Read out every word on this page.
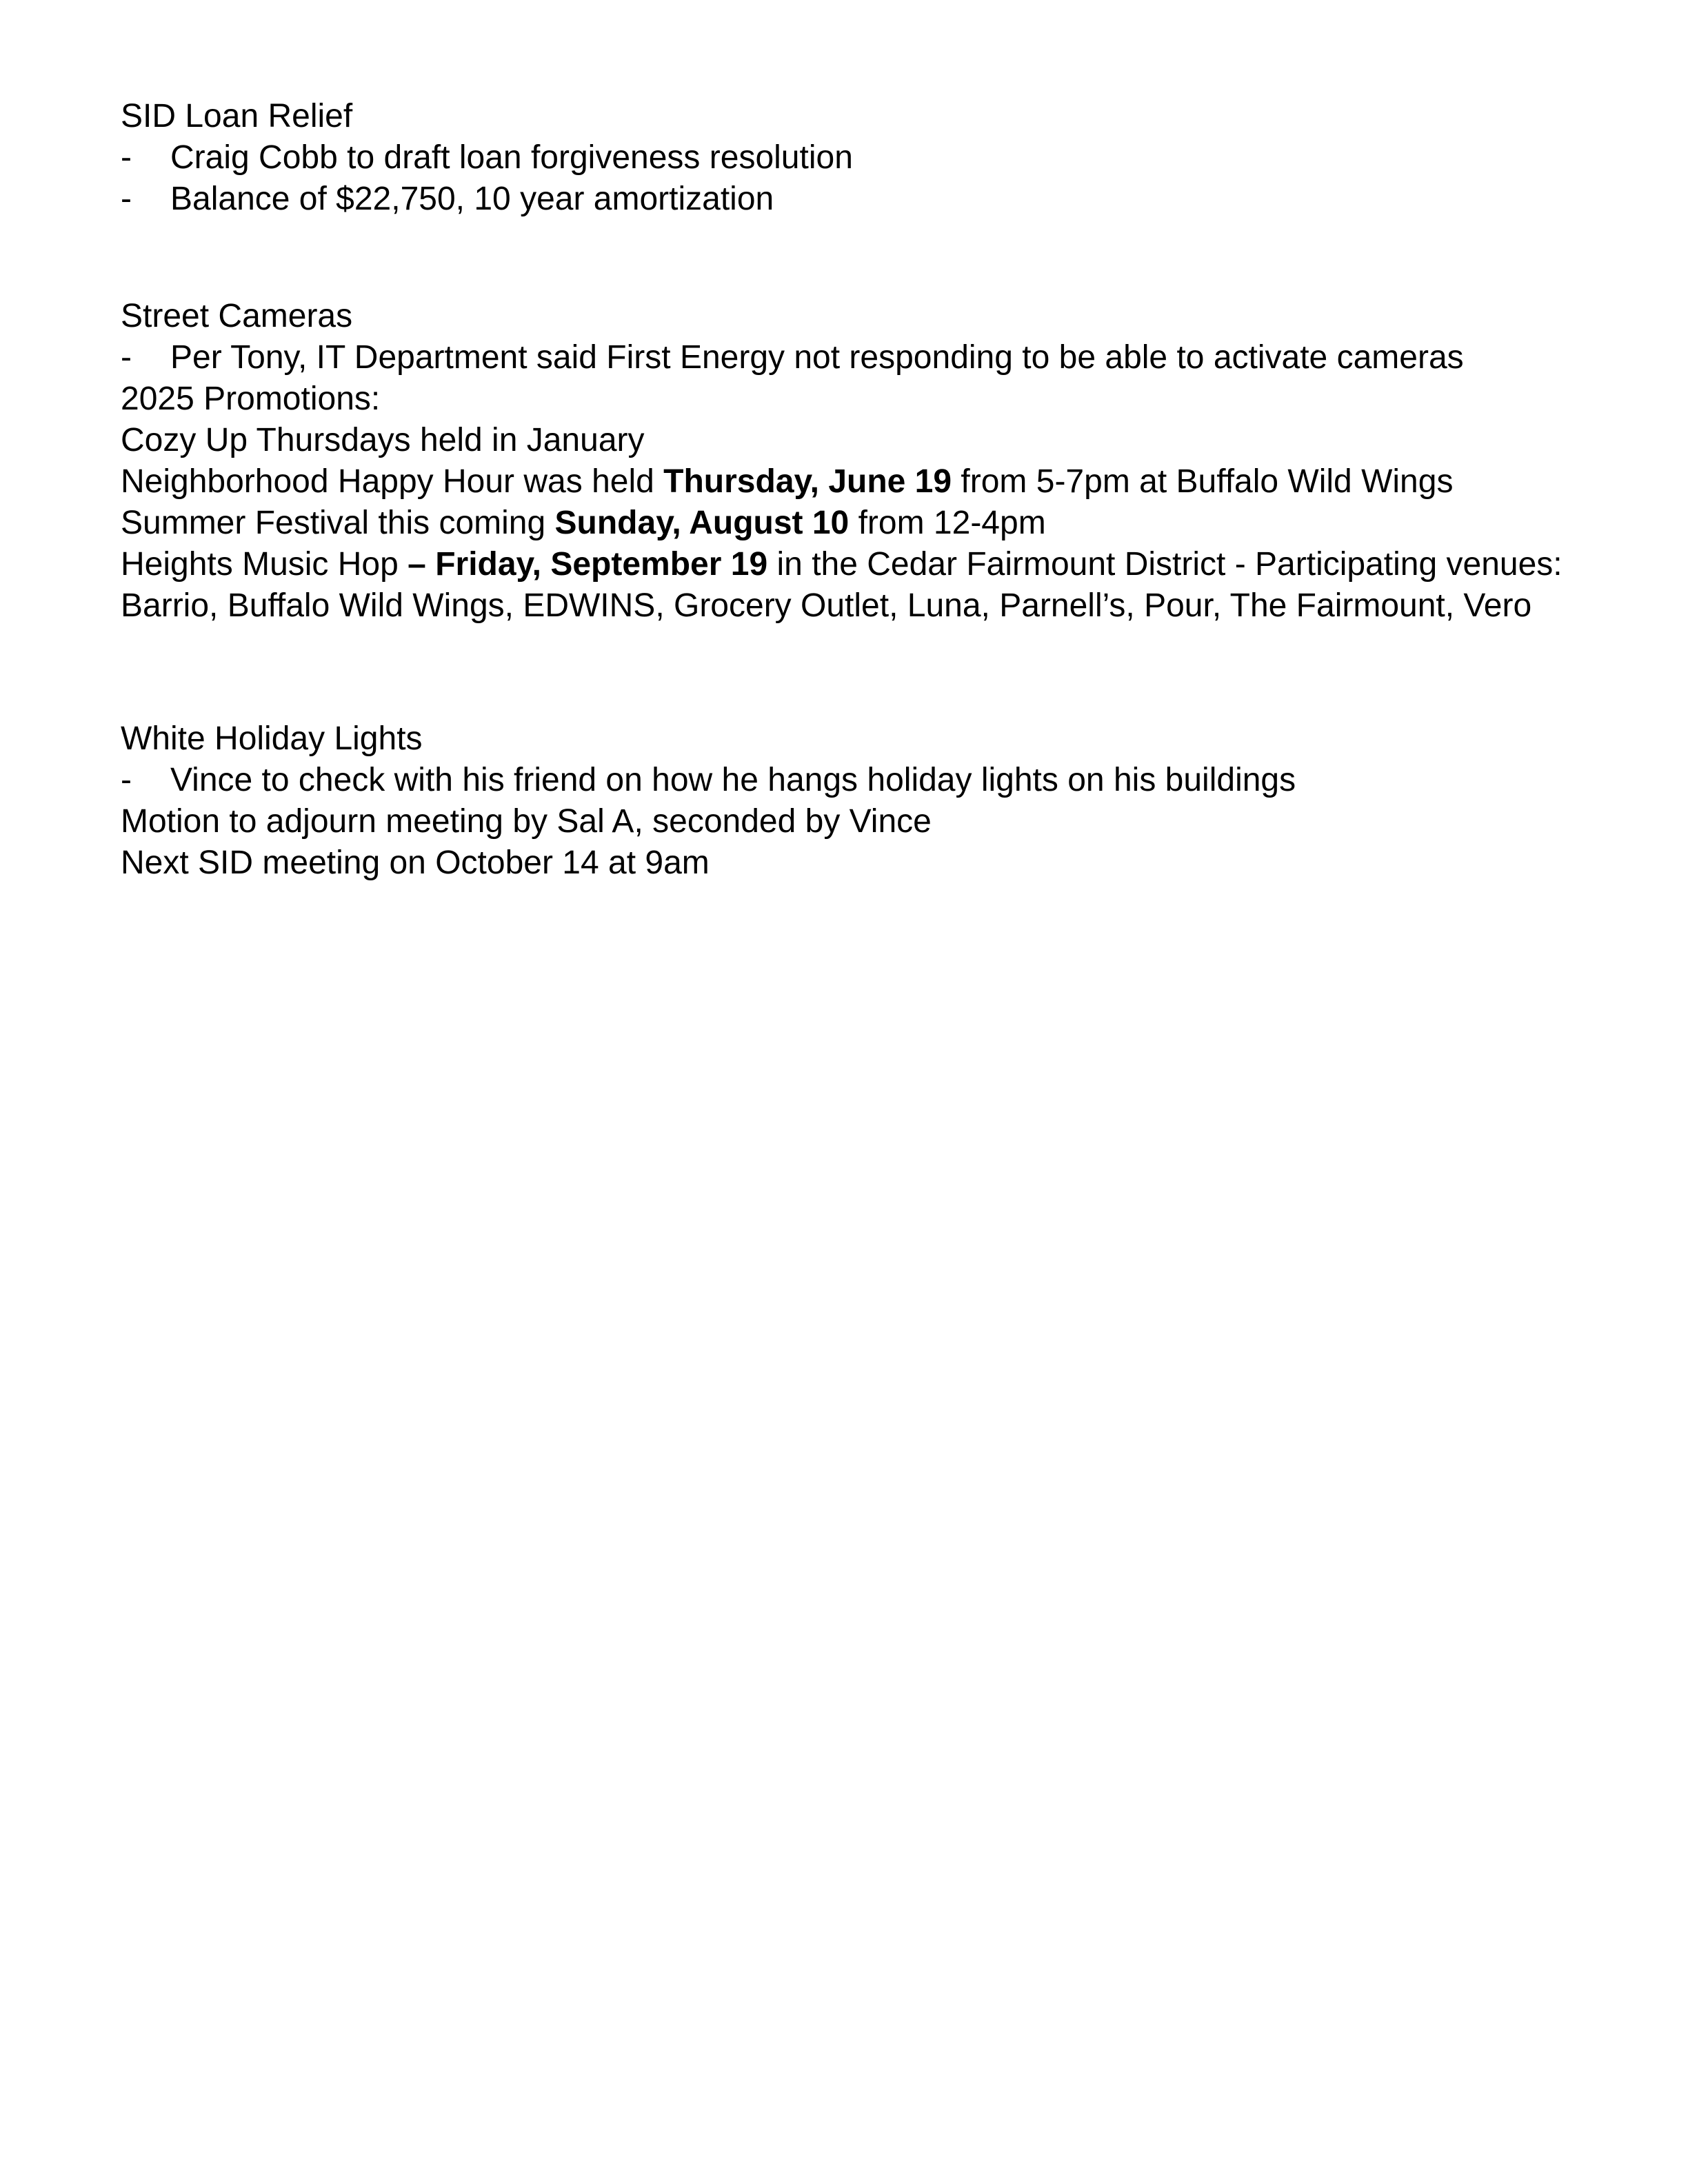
SID Loan Relief

-	Craig Cobb to draft loan forgiveness resolution
-	Balance of $22,750, 10 year amortization

Street Cameras

-	Per Tony, IT Department said First Energy not responding to be able to activate cameras

2025 Promotions:

Cozy Up Thursdays held in January

Neighborhood Happy Hour was held Thursday, June 19 from 5-7pm at Buffalo Wild Wings

Summer Festival this coming Sunday, August 10 from 12-4pm

Heights Music Hop – Friday, September 19 in the Cedar Fairmount District - Participating venues: Barrio, Buffalo Wild Wings, EDWINS, Grocery Outlet, Luna, Parnell’s, Pour, The Fairmount, Vero

White Holiday Lights

-	Vince to check with his friend on how he hangs holiday lights on his buildings

Motion to adjourn meeting by Sal A, seconded by Vince

Next SID meeting on October 14 at 9am
